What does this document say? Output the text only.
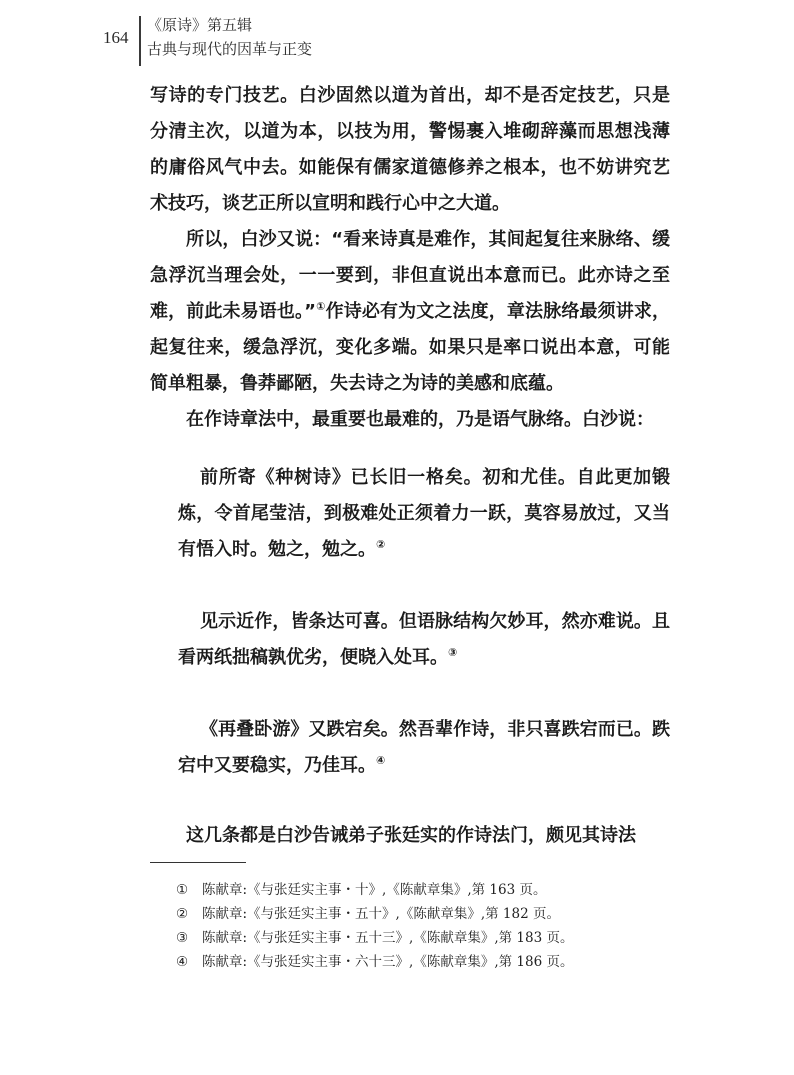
164
《原诗》第五辑
古典与现代的因革与正变

写诗的专门技艺。白沙固然以道为首出，却不是否定技艺，只是分清主次，以道为本，以技为用，警惕裹入堆砌辞藻而思想浅薄的庸俗风气中去。如能保有儒家道德修养之根本，也不妨讲究艺术技巧，谈艺正所以宣明和践行心中之大道。

所以，白沙又说：“看来诗真是难作，其间起复往来脉络、缓急浮沉当理会处，一一要到，非但直说出本意而已。此亦诗之至难，前此未易语也。”①作诗必有为文之法度，章法脉络最须讲求，起复往来，缓急浮沉，变化多端。如果只是率口说出本意，可能简单粗暴，鲁莽鄙陋，失去诗之为诗的美感和底蕴。

在作诗章法中，最重要也最难的，乃是语气脉络。白沙说：

前所寄《种树诗》已长旧一格矣。初和尤佳。自此更加锻炼，令首尾莹洁，到极难处正须着力一跃，莫容易放过，又当有悟入时。勉之，勉之。②

见示近作，皆条达可喜。但语脉结构欠妙耳，然亦难说。且看两纸拙稿孰优劣，便晓入处耳。③

《再叠卧游》又跌宕矣。然吾辈作诗，非只喜跌宕而已。跌宕中又要稳实，乃佳耳。④

这几条都是白沙告诫弟子张廷实的作诗法门，颇见其诗法

① 陈献章:《与张廷实主事・十》,《陈献章集》,第 163 页。
② 陈献章:《与张廷实主事・五十》,《陈献章集》,第 182 页。
③ 陈献章:《与张廷实主事・五十三》,《陈献章集》,第 183 页。
④ 陈献章:《与张廷实主事・六十三》,《陈献章集》,第 186 页。
